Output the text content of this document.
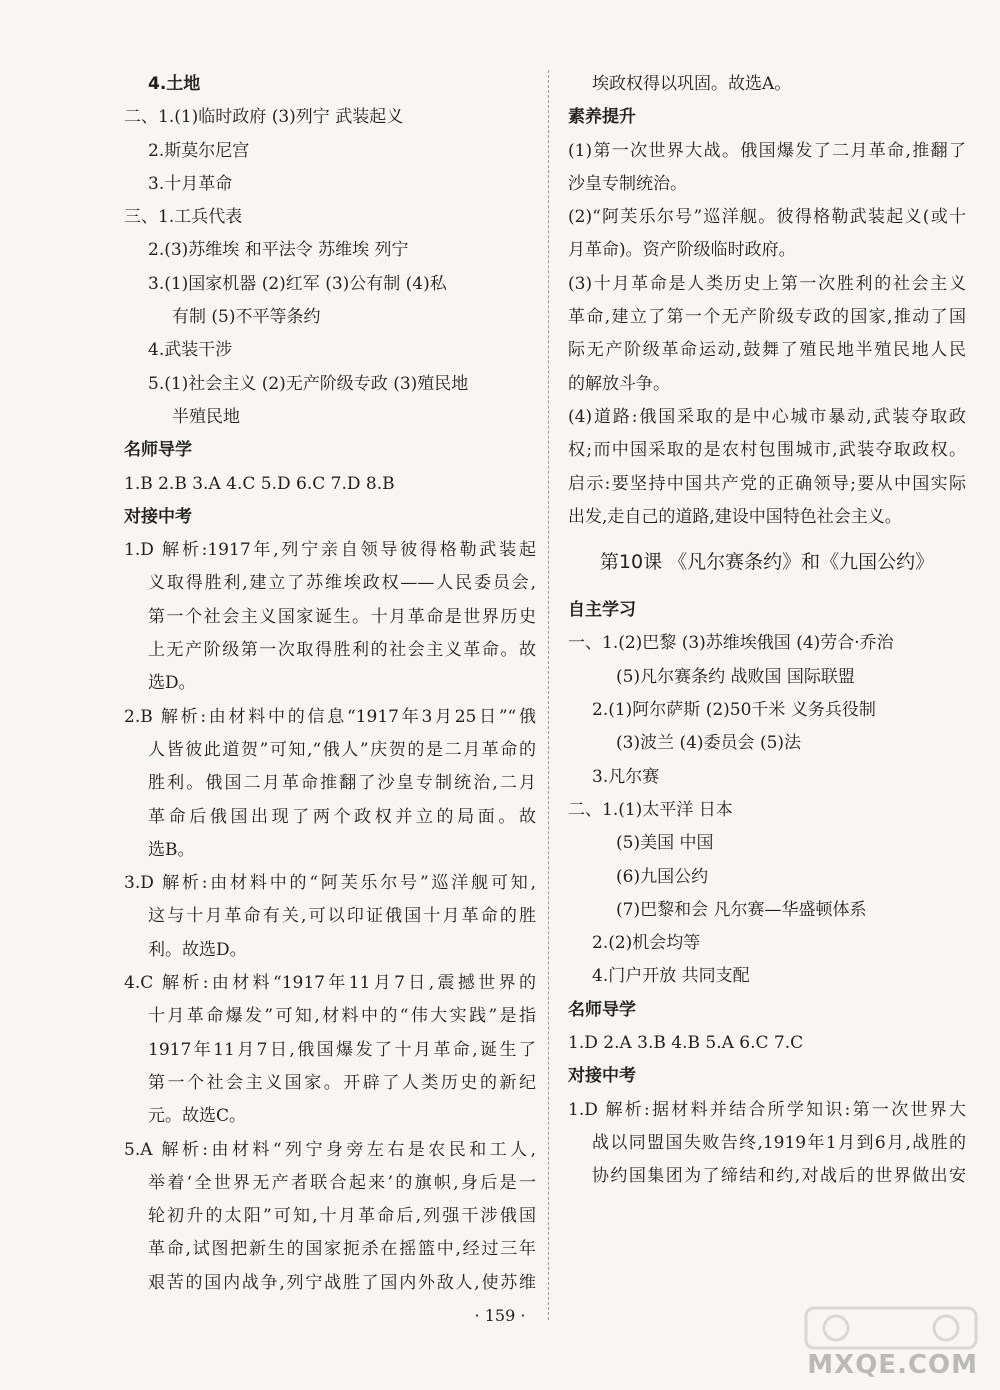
4.土地
二、1.(1)临时政府 (3)列宁 武装起义
2.斯莫尔尼宫
3.十月革命
三、1.工兵代表
2.(3)苏维埃 和平法令 苏维埃 列宁
3.(1)国家机器 (2)红军 (3)公有制 (4)私
有制 (5)不平等条约
4.武装干涉
5.(1)社会主义 (2)无产阶级专政 (3)殖民地
半殖民地
名师导学
1.B 2.B 3.A 4.C 5.D 6.C 7.D 8.B
对接中考
1.D 解析:1917年,列宁亲自领导彼得格勒武装起
义取得胜利,建立了苏维埃政权——人民委员会,
第一个社会主义国家诞生。十月革命是世界历史
上无产阶级第一次取得胜利的社会主义革命。故
选D。
2.B 解析:由材料中的信息“1917年3月25日”“俄
人皆彼此道贺”可知,“俄人”庆贺的是二月革命的
胜利。俄国二月革命推翻了沙皇专制统治,二月
革命后俄国出现了两个政权并立的局面。故
选B。
3.D 解析:由材料中的“阿芙乐尔号”巡洋舰可知,
这与十月革命有关,可以印证俄国十月革命的胜
利。故选D。
4.C 解析:由材料“1917年11月7日,震撼世界的
十月革命爆发”可知,材料中的“伟大实践”是指
1917年11月7日,俄国爆发了十月革命,诞生了
第一个社会主义国家。开辟了人类历史的新纪
元。故选C。
5.A 解析:由材料“列宁身旁左右是农民和工人,
举着‘全世界无产者联合起来’的旗帜,身后是一
轮初升的太阳”可知,十月革命后,列强干涉俄国
革命,试图把新生的国家扼杀在摇篮中,经过三年
艰苦的国内战争,列宁战胜了国内外敌人,使苏维
埃政权得以巩固。故选A。
素养提升
(1)第一次世界大战。俄国爆发了二月革命,推翻了
沙皇专制统治。
(2)“阿芙乐尔号”巡洋舰。彼得格勒武装起义(或十
月革命)。资产阶级临时政府。
(3)十月革命是人类历史上第一次胜利的社会主义
革命,建立了第一个无产阶级专政的国家,推动了国
际无产阶级革命运动,鼓舞了殖民地半殖民地人民
的解放斗争。
(4)道路:俄国采取的是中心城市暴动,武装夺取政
权;而中国采取的是农村包围城市,武装夺取政权。
启示:要坚持中国共产党的正确领导;要从中国实际
出发,走自己的道路,建设中国特色社会主义。
第10课 《凡尔赛条约》和《九国公约》
自主学习
一、1.(2)巴黎 (3)苏维埃俄国 (4)劳合·乔治
(5)凡尔赛条约 战败国 国际联盟
2.(1)阿尔萨斯 (2)50千米 义务兵役制
(3)波兰 (4)委员会 (5)法
3.凡尔赛
二、1.(1)太平洋 日本
(5)美国 中国
(6)九国公约
(7)巴黎和会 凡尔赛—华盛顿体系
2.(2)机会均等
4.门户开放 共同支配
名师导学
1.D 2.A 3.B 4.B 5.A 6.C 7.C
对接中考
1.D 解析:据材料并结合所学知识:第一次世界大
战以同盟国失败告终,1919年1月到6月,战胜的
协约国集团为了缔结和约,对战后的世界做出安
· 159 ·
MXQE.COM
